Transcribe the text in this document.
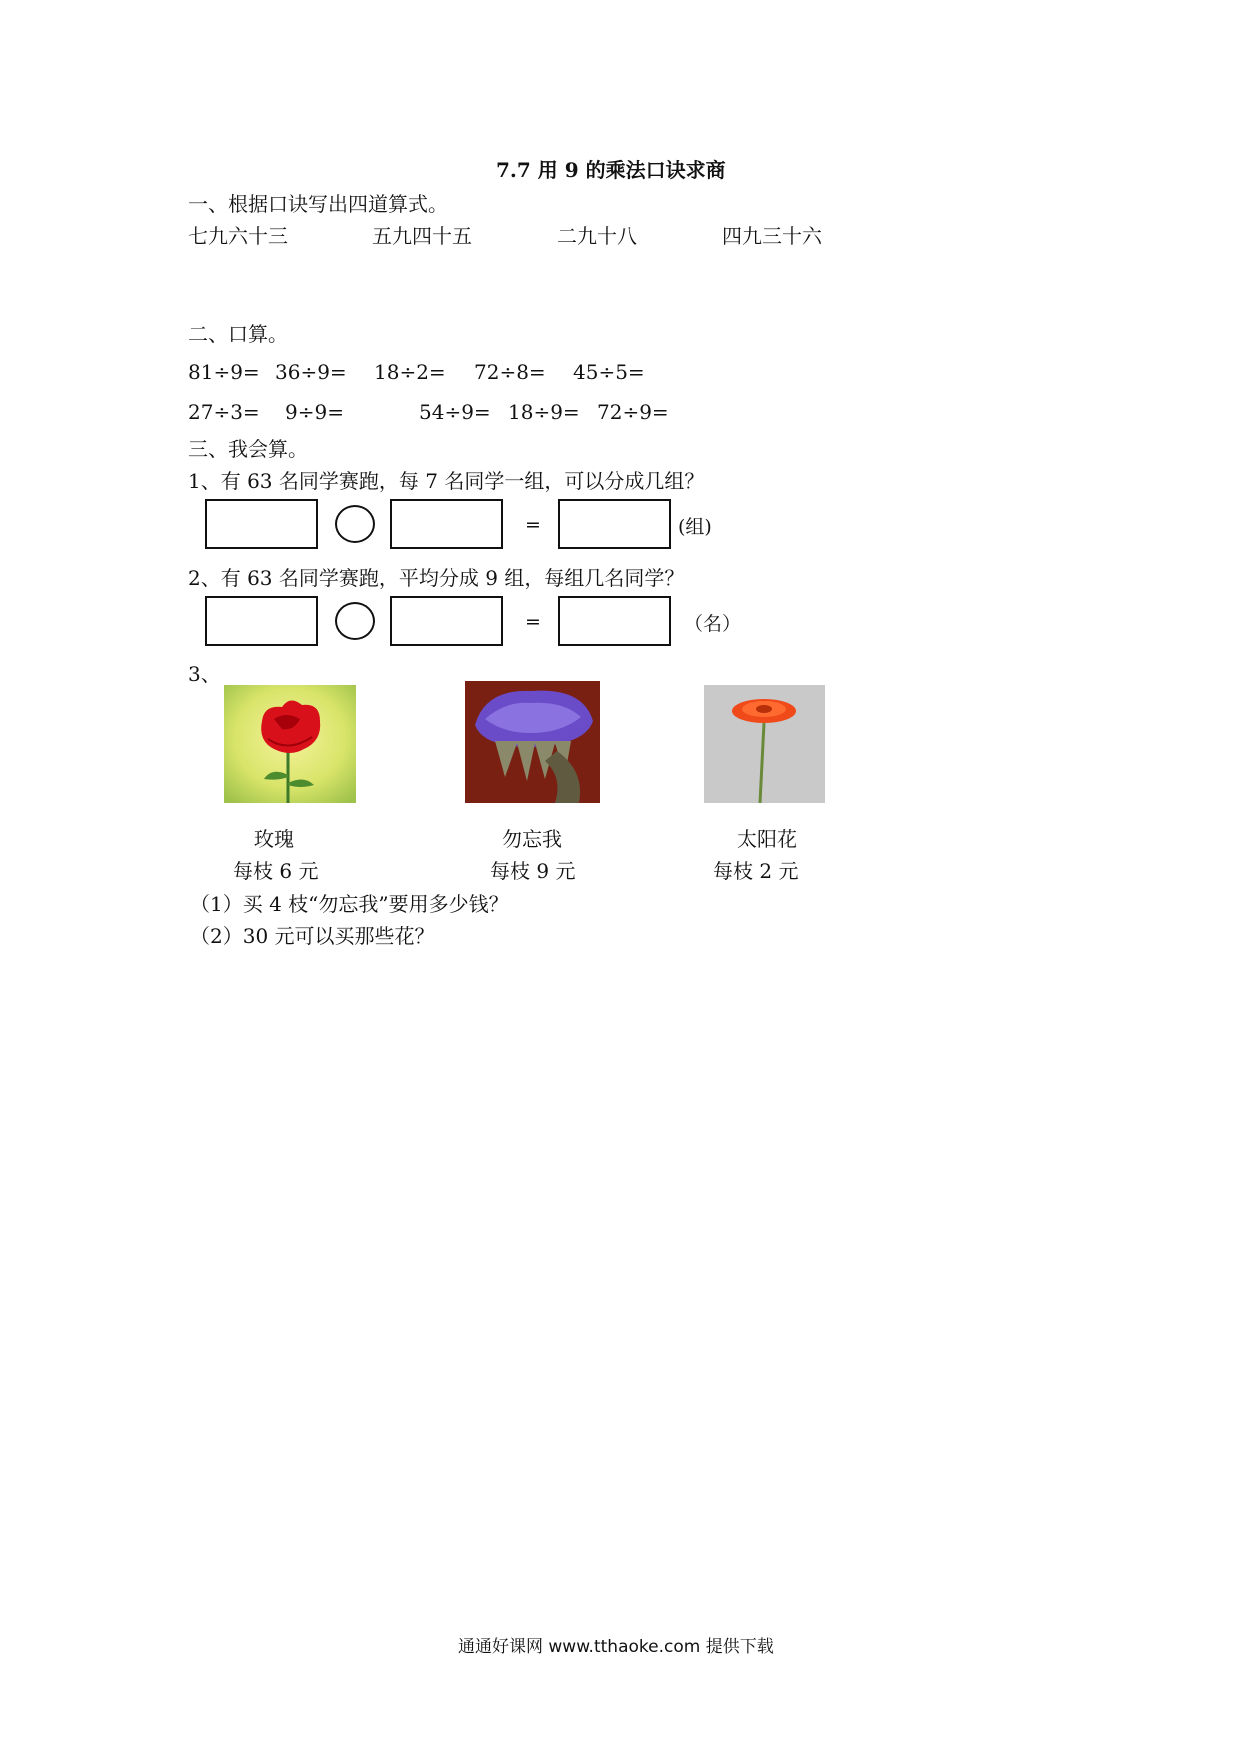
7.7 用 9 的乘法口诀求商
一、根据口诀写出四道算式。
七九六十三	五九四十五	二九十八	四九三十六
二、口算。
81÷9= 36÷9= 18÷2= 72÷8= 45÷5=
27÷3= 9÷9=	54÷9= 18÷9= 72÷9=
三、我会算。
1、有 63 名同学赛跑，每 7 名同学一组，可以分成几组？
=	(组)
2、有 63 名同学赛跑，平均分成 9 组，每组几名同学？
=	（名）
3、
玫瑰
每枝 6 元
勿忘我
每枝 9 元
太阳花
每枝 2 元
（1）买 4 枝“勿忘我”要用多少钱？
（2）30 元可以买那些花？
通通好课网 www.tthaoke.com 提供下载
